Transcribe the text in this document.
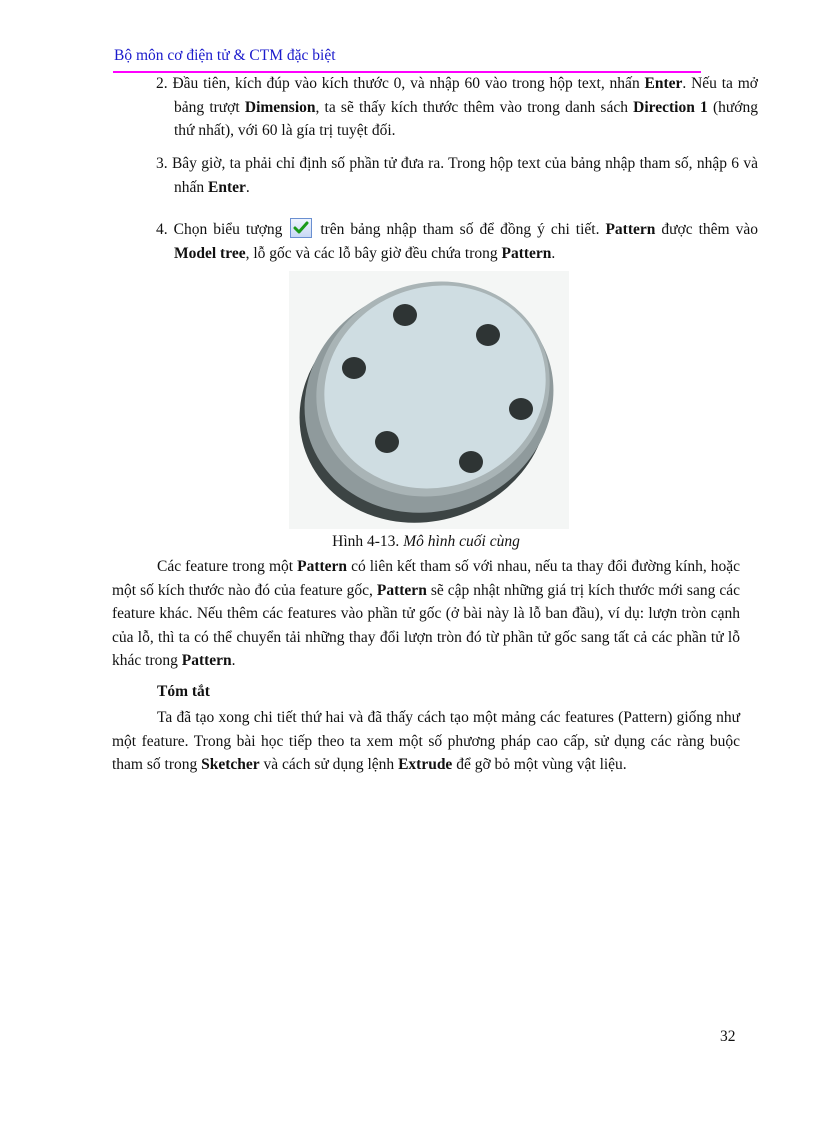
Bộ môn cơ điện tử & CTM đặc biệt
2. Đầu tiên, kích đúp vào kích thước 0, và nhập 60 vào trong hộp text, nhấn Enter. Nếu ta mở bảng trượt Dimension, ta sẽ thấy kích thước thêm vào trong danh sách Direction 1 (hướng thứ nhất), với 60 là gía trị tuyệt đối.
3. Bây giờ, ta phải chỉ định số phần tử đưa ra. Trong hộp text của bảng nhập tham số, nhập 6 và nhấn Enter.
4. Chọn biểu tượng
trên bảng nhập tham số để đồng ý chi tiết. Pattern được thêm vào Model tree, lỗ gốc và các lỗ bây giờ đều chứa trong Pattern.
Hình 4-13. Mô hình cuối cùng
Các feature trong một Pattern có liên kết tham số với nhau, nếu ta thay đổi đường kính, hoặc một số kích thước nào đó của feature gốc, Pattern sẽ cập nhật những giá trị kích thước mới sang các feature khác. Nếu thêm các features vào phần tử gốc (ở bài này là lỗ ban đầu), ví dụ: lượn tròn cạnh của lỗ, thì ta có thể chuyển tải những thay đổi lượn tròn đó từ phần tử gốc sang tất cả các phần tử lỗ khác trong Pattern.
Tóm tắt
Ta đã tạo xong chi tiết thứ hai và đã thấy cách tạo một mảng các features (Pattern) giống như một feature. Trong bài học tiếp theo ta xem một số phương pháp cao cấp, sử dụng các ràng buộc tham số trong Sketcher và cách sử dụng lệnh Extrude để gỡ bỏ một vùng vật liệu.
32
